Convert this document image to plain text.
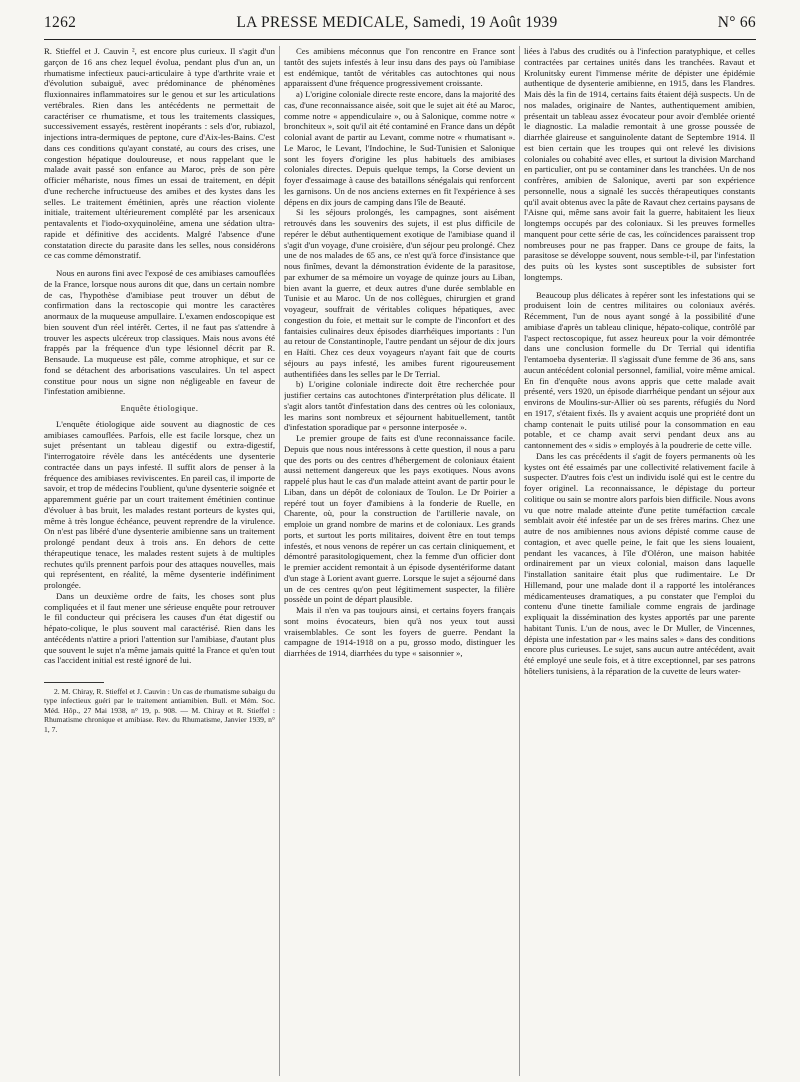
1262	LA PRESSE MEDICALE, Samedi, 19 Août 1939	N° 66

R. Stieffel et J. Cauvin ², est encore plus curieux. Il s'agit d'un garçon de 16 ans chez lequel évolua, pendant plus d'un an, un rhumatisme infectieux pauci-articulaire à type d'arthrite vraie et d'évolution subaiguë, avec prédominance de phénomènes fluxionnaires inflammatoires sur le genou et sur les articulations vertébrales. Rien dans les antécédents ne permettait de caractériser ce rhumatisme, et tous les traitements classiques, successivement essayés, restèrent inopérants : sels d'or, rubiazol, injections intra-dermiques de peptone, cure d'Aix-les-Bains. C'est dans ces conditions qu'ayant constaté, au cours des crises, une congestion hépatique douloureuse, et nous rappelant que le malade avait passé son enfance au Maroc, près de son père officier méhariste, nous fîmes un essai de traitement, en dépit d'une recherche infructueuse des amibes et des kystes dans les selles. Le traitement émétinien, après une réaction violente initiale, traitement ultérieurement complété par les arsenicaux pentavalents et l'iodo-oxyquinoléine, amena une sédation ultra-rapide et définitive des accidents. Malgré l'absence d'une constatation directe du parasite dans les selles, nous considérons ce cas comme démonstratif.

Nous en aurons fini avec l'exposé de ces amibiases camouflées de la France, lorsque nous aurons dit que, dans un certain nombre de cas, l'hypothèse d'amibiase peut trouver un début de confirmation dans la rectoscopie qui montre les caractères anormaux de la muqueuse ampullaire. L'examen endoscopique est bien souvent d'un réel intérêt. Certes, il ne faut pas s'attendre à trouver les aspects ulcéreux trop classiques. Mais nous avons été frappés par la fréquence d'un type lésionnel décrit par R. Bensaude. La muqueuse est pâle, comme atrophique, et sur ce fond se détachent des arborisations vasculaires. Un tel aspect constitue pour nous un signe non négligeable en faveur de l'infestation amibienne.

Enquête étiologique.

L'enquête étiologique aide souvent au diagnostic de ces amibiases camouflées. Parfois, elle est facile lorsque, chez un sujet présentant un tableau digestif ou extra-digestif, l'interrogatoire révèle dans les antécédents une dysenterie contractée dans un pays infesté. Il suffit alors de penser à la fréquence des amibiases reviviscentes. En pareil cas, il importe de savoir, et trop de médecins l'oublient, qu'une dysenterie soignée et apparemment guérie par un court traitement émétinien continue d'évoluer à bas bruit, les malades restant porteurs de kystes qui, même à très longue échéance, peuvent reprendre de la virulence. On n'est pas libéré d'une dysenterie amibienne sans un traitement prolongé pendant deux à trois ans. En dehors de cette thérapeutique tenace, les malades restent sujets à de multiples rechutes qu'ils prennent parfois pour des attaques nouvelles, mais qui représentent, en réalité, la même dysenterie indéfiniment prolongée.

Dans un deuxième ordre de faits, les choses sont plus compliquées et il faut mener une sérieuse enquête pour retrouver le fil conducteur qui précisera les causes d'un état digestif ou hépato-colique, le plus souvent mal caractérisé. Rien dans les antécédents n'attire a priori l'attention sur l'amibiase, d'autant plus que souvent le sujet n'a même jamais quitté la France et qu'en tout cas l'accident initial est resté ignoré de lui.

2. M. Chiray, R. Stieffel et J. Cauvin : Un cas de rhumatisme subaigu du type infectieux guéri par le traitement antiamibien. Bull. et Mém. Soc. Méd. Hôp., 27 Mai 1938, n° 19, p. 908. — M. Chiray et R. Stieffel : Rhumatisme chronique et amibiase. Rev. du Rhumatisme, Janvier 1939, n° 1, 7.

Ces amibiens méconnus que l'on rencontre en France sont tantôt des sujets infestés à leur insu dans des pays où l'amibiase est endémique, tantôt de véritables cas autochtones qui nous apparaissent d'une fréquence progressivement croissante.

a) L'origine coloniale directe reste encore, dans la majorité des cas, d'une reconnaissance aisée, soit que le sujet ait été au Maroc, comme notre « appendiculaire », ou à Salonique, comme notre « bronchiteux », soit qu'il ait été contaminé en France dans un dépôt colonial avant de partir au Levant, comme notre « rhumatisant ». Le Maroc, le Levant, l'Indochine, le Sud-Tunisien et Salonique sont les foyers d'origine les plus habituels des amibiases coloniales directes. Depuis quelque temps, la Corse devient un foyer d'essaimage à cause des bataillons sénégalais qui renforcent les garnisons. Un de nos anciens externes en fit l'expérience à ses dépens en dix jours de camping dans l'île de Beauté.

Si les séjours prolongés, les campagnes, sont aisément retrouvés dans les souvenirs des sujets, il est plus difficile de repérer le début authentiquement exotique de l'amibiase quand il s'agit d'un voyage, d'une croisière, d'un séjour peu prolongé. Chez une de nos malades de 65 ans, ce n'est qu'à force d'insistance que nous finîmes, devant la démonstration évidente de la parasitose, par exhumer de sa mémoire un voyage de quinze jours au Liban, bien avant la guerre, et deux autres d'une durée semblable en Tunisie et au Maroc. Un de nos collègues, chirurgien et grand voyageur, souffrait de véritables coliques hépatiques, avec congestion du foie, et mettait sur le compte de l'inconfort et des fantaisies culinaires deux épisodes diarrhéiques importants : l'un au retour de Constantinople, l'autre pendant un séjour de dix jours en Haïti. Chez ces deux voyageurs n'ayant fait que de courts séjours au pays infesté, les amibes furent rigoureusement authentifiées dans les selles par le Dr Terrial.

b) L'origine coloniale indirecte doit être recherchée pour justifier certains cas autochtones d'interprétation plus délicate. Il s'agit alors tantôt d'infestation dans des centres où les coloniaux, les marins sont nombreux et séjournent habituellement, tantôt d'infestation sporadique par « personne interposée ».

Le premier groupe de faits est d'une reconnaissance facile. Depuis que nous nous intéressons à cette question, il nous a paru que des ports ou des centres d'hébergement de coloniaux étaient aussi nettement dangereux que les pays exotiques. Nous avons rappelé plus haut le cas d'un malade atteint avant de partir pour le Liban, dans un dépôt de coloniaux de Toulon. Le Dr Poirier a repéré tout un foyer d'amibiens à la fonderie de Ruelle, en Charente, où, pour la construction de l'artillerie navale, on emploie un grand nombre de marins et de coloniaux. Les grands ports, et surtout les ports militaires, doivent être en tout temps infestés, et nous venons de repérer un cas certain cliniquement, et démontré parasitologiquement, chez la femme d'un officier dont le premier accident remontait à un épisode dysentériforme datant d'un stage à Lorient avant guerre. Lorsque le sujet a séjourné dans un de ces centres qu'on peut légitimement suspecter, la filière possède un point de départ plausible.

Mais il n'en va pas toujours ainsi, et certains foyers français sont moins évocateurs, bien qu'à nos yeux tout aussi vraisemblables. Ce sont les foyers de guerre. Pendant la campagne de 1914-1918 on a pu, grosso modo, distinguer les diarrhées de 1914, diarrhées du type « saisonnier »,

liées à l'abus des crudités ou à l'infection paratyphique, et celles contractées par certaines unités dans les tranchées. Ravaut et Krolunitsky eurent l'immense mérite de dépister une épidémie authentique de dysenterie amibienne, en 1915, dans les Flandres. Mais dès la fin de 1914, certains faits étaient déjà suspects. Un de nos malades, originaire de Nantes, authentiquement amibien, présentait un tableau assez évocateur pour avoir d'emblée orienté le diagnostic. La maladie remontait à une grosse poussée de diarrhée glaireuse et sanguinolente datant de Septembre 1914. Il est bien certain que les troupes qui ont relevé les divisions coloniales ou cohabité avec elles, et surtout la division Marchand en particulier, ont pu se contaminer dans les tranchées. Un de nos confrères, amibien de Salonique, averti par son expérience personnelle, nous a signalé les succès thérapeutiques constants qu'il avait obtenus avec la pâte de Ravaut chez certains paysans de l'Aisne qui, même sans avoir fait la guerre, habitaient les lieux longtemps occupés par des coloniaux. Si les preuves formelles manquent pour cette série de cas, les coïncidences paraissent trop nombreuses pour ne pas frapper. Dans ce groupe de faits, la parasitose se développe souvent, nous semble-t-il, par l'infestation des puits où les kystes sont susceptibles de subsister fort longtemps.

Beaucoup plus délicates à repérer sont les infestations qui se produisent loin de centres militaires ou coloniaux avérés. Récemment, l'un de nous ayant songé à la possibilité d'une amibiase d'après un tableau clinique, hépato-colique, contrôlé par l'aspect rectoscopique, fut assez heureux pour la voir démontrée dans une conclusion formelle du Dr Terrial qui identifia l'entamoeba dysenteriæ. Il s'agissait d'une femme de 36 ans, sans aucun antécédent colonial personnel, familial, voire même amical. En fin d'enquête nous avons appris que cette malade avait présenté, vers 1920, un épisode diarrhéique pendant un séjour aux environs de Moulins-sur-Allier où ses parents, réfugiés du Nord en 1917, s'étaient fixés. Ils y avaient acquis une propriété dont un champ contenait le puits utilisé pour la consommation en eau potable, et ce champ avait servi pendant deux ans au cantonnement des « sidis » employés à la poudrerie de cette ville.

Dans les cas précédents il s'agit de foyers permanents où les kystes ont été essaimés par une collectivité relativement facile à suspecter. D'autres fois c'est un individu isolé qui est le centre du foyer originel. La reconnaissance, le dépistage du porteur colitique ou sain se montre alors parfois bien difficile. Nous avons vu que notre malade atteinte d'une petite tuméfaction cæcale semblait avoir été infestée par un de ses frères marins. Chez une autre de nos amibiennes nous avions dépisté comme cause de contagion, et avec quelle peine, le fait que les siens louaient, pendant les vacances, à l'île d'Oléron, une maison habitée ordinairement par un vieux colonial, maison dans laquelle l'installation sanitaire était plus que rudimentaire. Le Dr Hillemand, pour une malade dont il a rapporté les intolérances médicamenteuses dramatiques, a pu constater que l'emploi du contenu d'une tinette familiale comme engrais de jardinage expliquait la dissémination des kystes apportés par une parente habitant Tunis. L'un de nous, avec le Dr Muller, de Vincennes, dépista une infestation par « les mains sales » dans des conditions encore plus curieuses. Le sujet, sans aucun autre antécédent, avait été employé une seule fois, et à titre exceptionnel, par ses patrons hôteliers tunisiens, à la réparation de la cuvette de leurs water-
